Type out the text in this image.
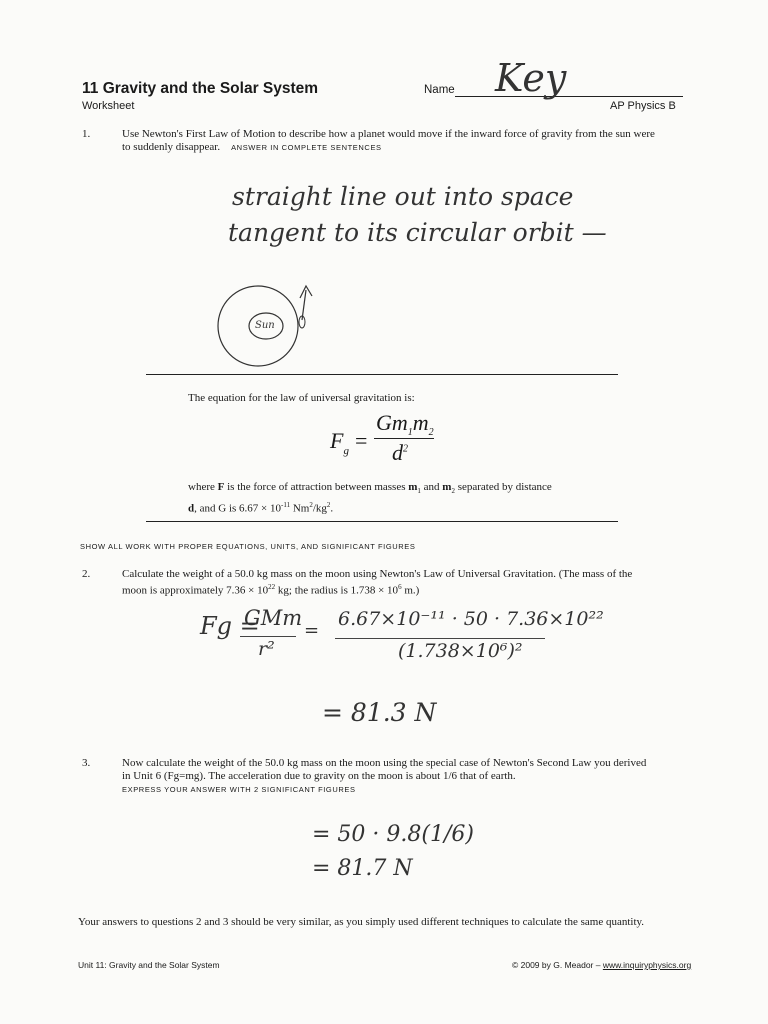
11 Gravity and the Solar System
Worksheet
Name Key
AP Physics B
1.	Use Newton's First Law of Motion to describe how a planet would move if the inward force of gravity from the sun were
to suddenly disappear. ANSWER IN COMPLETE SENTENCES
straight line out into space
tangent to its circular orbit —
Sun
The equation for the law of universal gravitation is:
$F_g$ =
$Gm_1m_2$
$d^2$
where F is the force of attraction between masses $m_1$ and $m_2$ separated by distance
d, and G is $6.67 \times 10^{-11}$ $Nm^2/kg^2$.
SHOW ALL WORK WITH PROPER EQUATIONS, UNITS, AND SIGNIFICANT FIGURES
2.	Calculate the weight of a 50.0 kg mass on the moon using Newton's Law of Universal Gravitation. (The mass of the
moon is approximately $7.36 \times 10^{22}$ kg; the radius is $1.738 \times 10^6$ m.)
Fg =
GMm
r²
=
6.67×10⁻¹¹ · 50 · 7.36×10²²
(1.738×10⁶)²
= 81.3 N
3.	Now calculate the weight of the 50.0 kg mass on the moon using the special case of Newton's Second Law you derived
in Unit 6 (Fg=mg). The acceleration due to gravity on the moon is about 1/6 that of earth.
EXPRESS YOUR ANSWER WITH 2 SIGNIFICANT FIGURES
= 50 · 9.8(1/6)
= 81.7 N
Your answers to questions 2 and 3 should be very similar, as you simply used different techniques to calculate the same quantity.
Unit 11: Gravity and the Solar System	© 2009 by G. Meador – www.inquiryphysics.org
